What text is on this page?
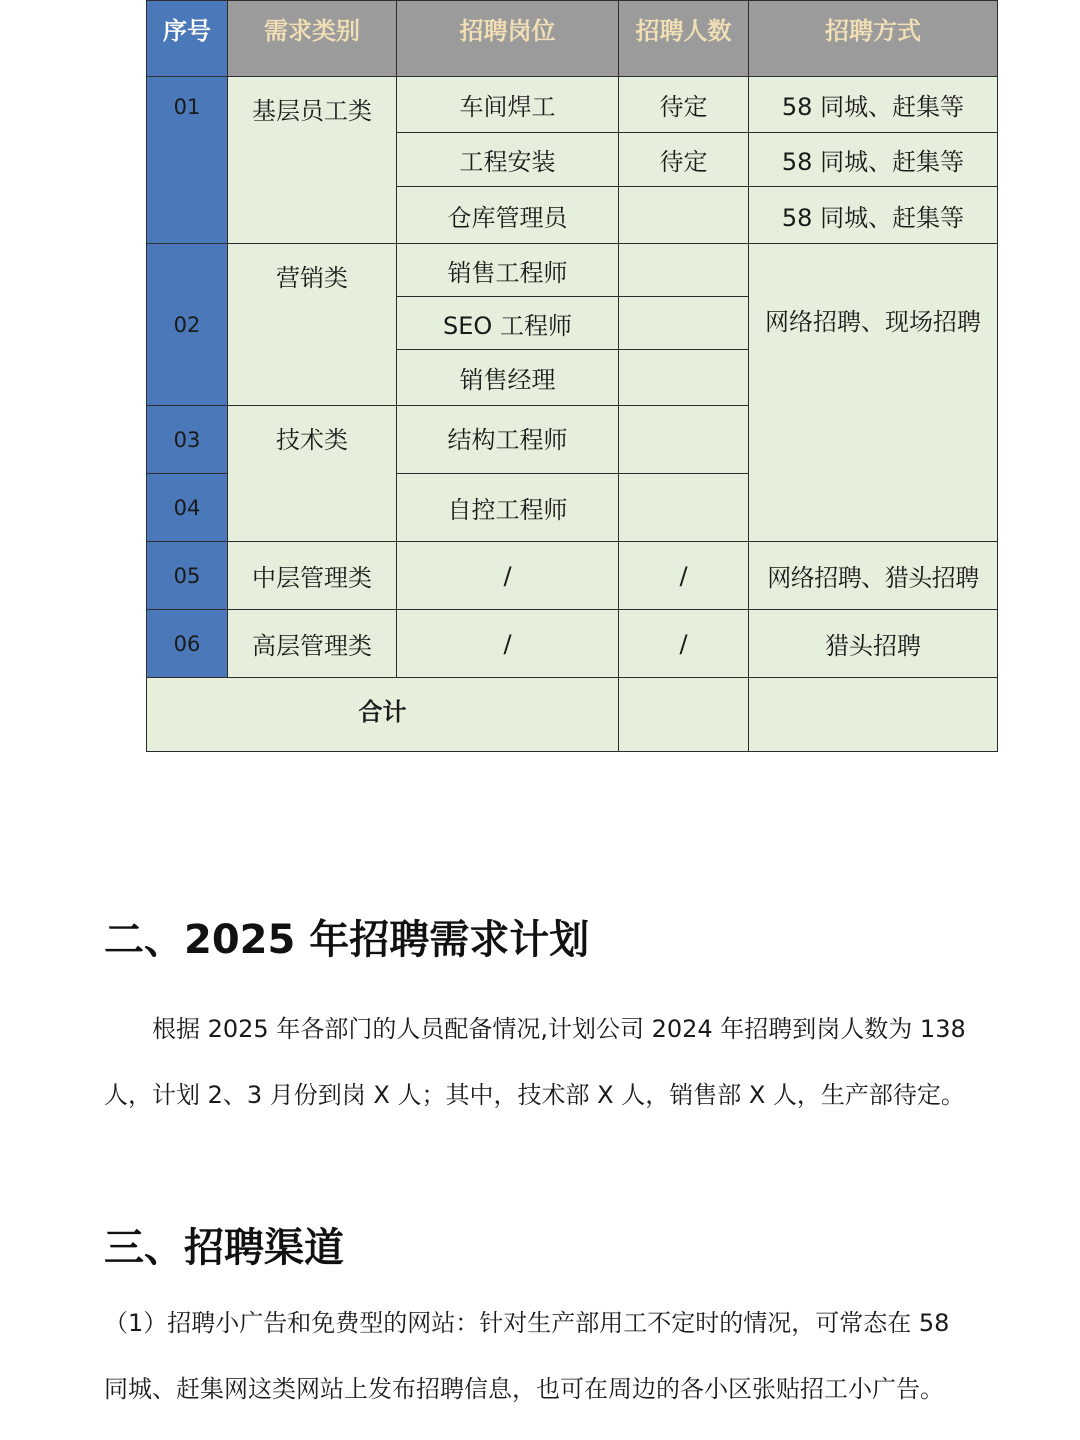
序号	需求类别	招聘岗位	招聘人数	招聘方式
01	基层员工类	车间焊工	待定	58 同城、赶集等
		工程安装	待定	58 同城、赶集等
		仓库管理员		58 同城、赶集等
02	营销类	销售工程师		网络招聘、现场招聘
		SEO 工程师		
		销售经理		
03	技术类	结构工程师		
04		自控工程师		
05	中层管理类	/	/	网络招聘、猎头招聘
06	高层管理类	/	/	猎头招聘
合计				
二、2025 年招聘需求计划

根据 2025 年各部门的人员配备情况,计划公司 2024 年招聘到岗人数为 138
人，计划 2、3 月份到岗 X 人；其中，技术部 X 人，销售部 X 人，生产部待定。

三、招聘渠道

（1）招聘小广告和免费型的网站：针对生产部用工不定时的情况，可常态在 58
同城、赶集网这类网站上发布招聘信息，也可在周边的各小区张贴招工小广告。
